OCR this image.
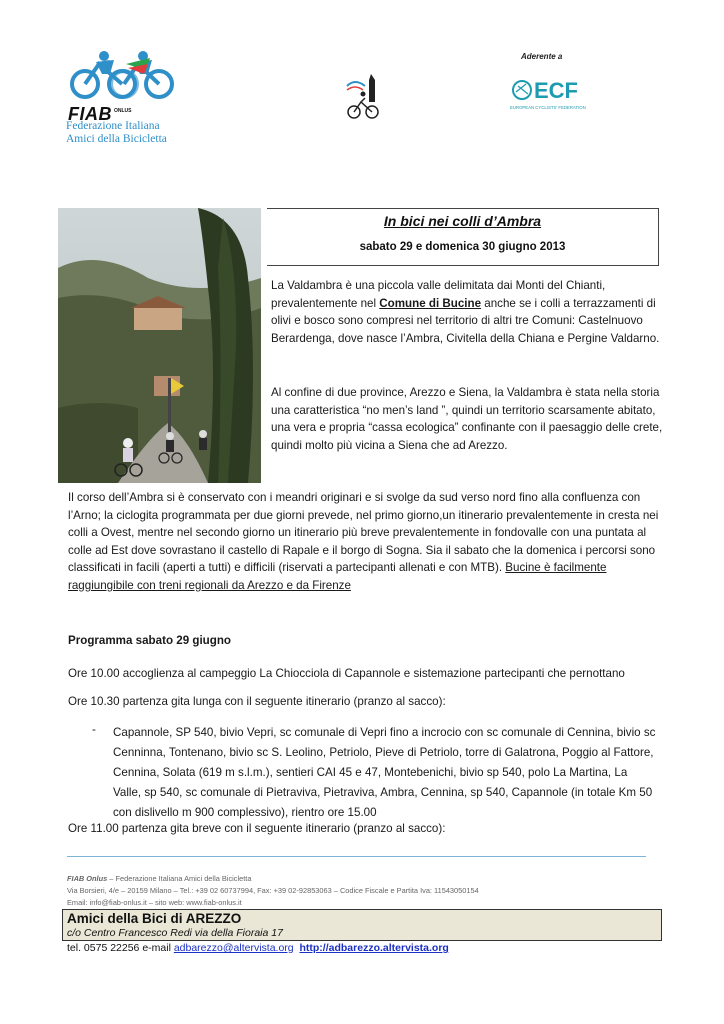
FIAB ONLUS
Federazione Italiana
Amici della Bicicletta
Aderente a
ECF
EUROPEAN CYCLISTS' FEDERATION
In bici nei colli d’Ambra
sabato 29 e domenica 30 giugno 2013
La Valdambra è una piccola valle delimitata dai Monti del Chianti, prevalentemente nel Comune di Bucine anche se i colli a terrazzamenti di olivi e bosco sono compresi nel territorio di altri tre Comuni: Castelnuovo Berardenga, dove nasce l’Ambra, Civitella della Chiana e Pergine Valdarno.
Al confine di due province, Arezzo e Siena, la Valdambra è stata nella storia una caratteristica “no men’s land ”, quindi un territorio scarsamente abitato, una vera e propria “cassa ecologica” confinante con il paesaggio delle crete, quindi molto più vicina a Siena che ad Arezzo.
Il corso dell’Ambra si è conservato con i meandri originari e si svolge da sud verso nord fino alla confluenza con l’Arno; la ciclogita programmata per due giorni prevede, nel primo giorno,un itinerario prevalentemente in cresta nei colli a Ovest, mentre nel secondo giorno un itinerario più breve prevalentemente in fondovalle con una puntata al colle ad Est dove sovrastano il castello di Rapale e il borgo di Sogna. Sia il sabato che la domenica i percorsi sono classificati in facili (aperti a tutti) e difficili (riservati a partecipanti allenati e con MTB). Bucine è facilmente raggiungibile con treni regionali da Arezzo e da Firenze
Programma sabato 29 giugno
Ore 10.00 accoglienza al campeggio La Chiocciola di Capannole e sistemazione partecipanti che pernottano
Ore 10.30 partenza gita lunga con il seguente itinerario (pranzo al sacco):
- Capannole, SP 540, bivio Vepri, sc comunale di Vepri fino a incrocio con sc comunale di Cennina, bivio sc Cenninna, Tontenano, bivio sc S. Leolino, Petriolo, Pieve di Petriolo, torre di Galatrona, Poggio al Fattore, Cennina, Solata (619 m s.l.m.), sentieri CAI 45 e 47, Montebenichi, bivio sp 540, polo La Martina, La Valle, sp 540, sc comunale di Pietraviva, Pietraviva, Ambra, Cennina, sp 540, Capannole (in totale Km 50 con dislivello m 900 complessivo), rientro ore 15.00
Ore 11.00 partenza gita breve con il seguente itinerario (pranzo al sacco):
FIAB Onlus – Federazione Italiana Amici della Bicicletta
Via Borsieri, 4/e – 20159 Milano – Tel.: +39 02 60737994, Fax: +39 02-92853063 – Codice Fiscale e Partita Iva: 11543050154
Email: info@fiab-onlus.it – sito web: www.fiab-onlus.it
Amici della Bici di AREZZO
c/o Centro Francesco Redi via della Fioraia 17
tel. 0575 22256 e-mail adbarezzo@altervista.org http://adbarezzo.altervista.org
